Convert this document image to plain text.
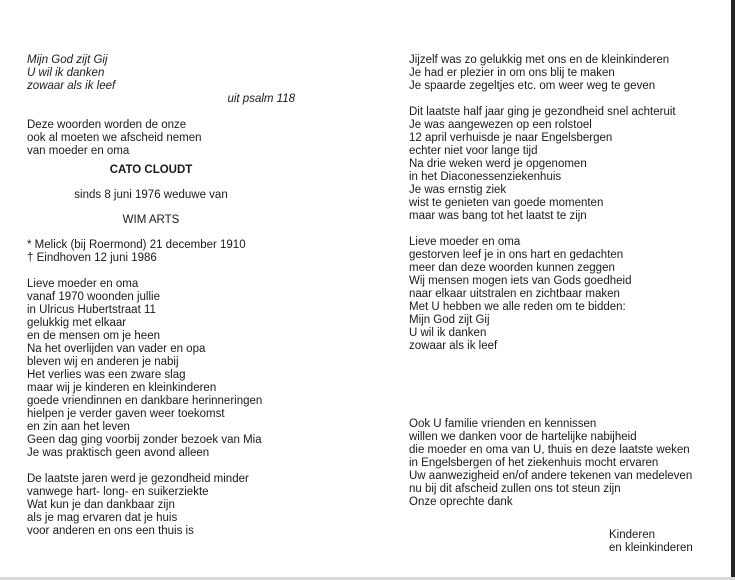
Mijn God zijt Gij
U wil ik danken
zowaar als ik leef
uit psalm 118
Deze woorden worden de onze
ook al moeten we afscheid nemen
van moeder en oma
CATO CLOUDT
sinds 8 juni 1976 weduwe van
WIM ARTS
* Melick (bij Roermond) 21 december 1910
† Eindhoven 12 juni 1986
Lieve moeder en oma
vanaf 1970 woonden jullie
in Ulricus Hubertstraat 11
gelukkig met elkaar
en de mensen om je heen
Na het overlijden van vader en opa
bleven wij en anderen je nabij
Het verlies was een zware slag
maar wij je kinderen en kleinkinderen
goede vriendinnen en dankbare herinneringen
hielpen je verder gaven weer toekomst
en zin aan het leven
Geen dag ging voorbij zonder bezoek van Mia
Je was praktisch geen avond alleen
De laatste jaren werd je gezondheid minder
vanwege hart- long- en suikerziekte
Wat kun je dan dankbaar zijn
als je mag ervaren dat je huis
voor anderen en ons een thuis is
Jijzelf was zo gelukkig met ons en de kleinkinderen
Je had er plezier in om ons blij te maken
Je spaarde zegeltjes etc. om weer weg te geven
Dit laatste half jaar ging je gezondheid snel achteruit
Je was aangewezen op een rolstoel
12 april verhuisde je naar Engelsbergen
echter niet voor lange tijd
Na drie weken werd je opgenomen
in het Diaconessenziekenhuis
Je was ernstig ziek
wist te genieten van goede momenten
maar was bang tot het laatst te zijn
Lieve moeder en oma
gestorven leef je in ons hart en gedachten
meer dan deze woorden kunnen zeggen
Wij mensen mogen iets van Gods goedheid
naar elkaar uitstralen en zichtbaar maken
Met U hebben we alle reden om te bidden:
Mijn God zijt Gij
U wil ik danken
zowaar als ik leef
Ook U familie vrienden en kennissen
willen we danken voor de hartelijke nabijheid
die moeder en oma van U, thuis en deze laatste weken
in Engelsbergen of het ziekenhuis mocht ervaren
Uw aanwezigheid en/of andere tekenen van medeleven
nu bij dit afscheid zullen ons tot steun zijn
Onze oprechte dank
Kinderen
en kleinkinderen
